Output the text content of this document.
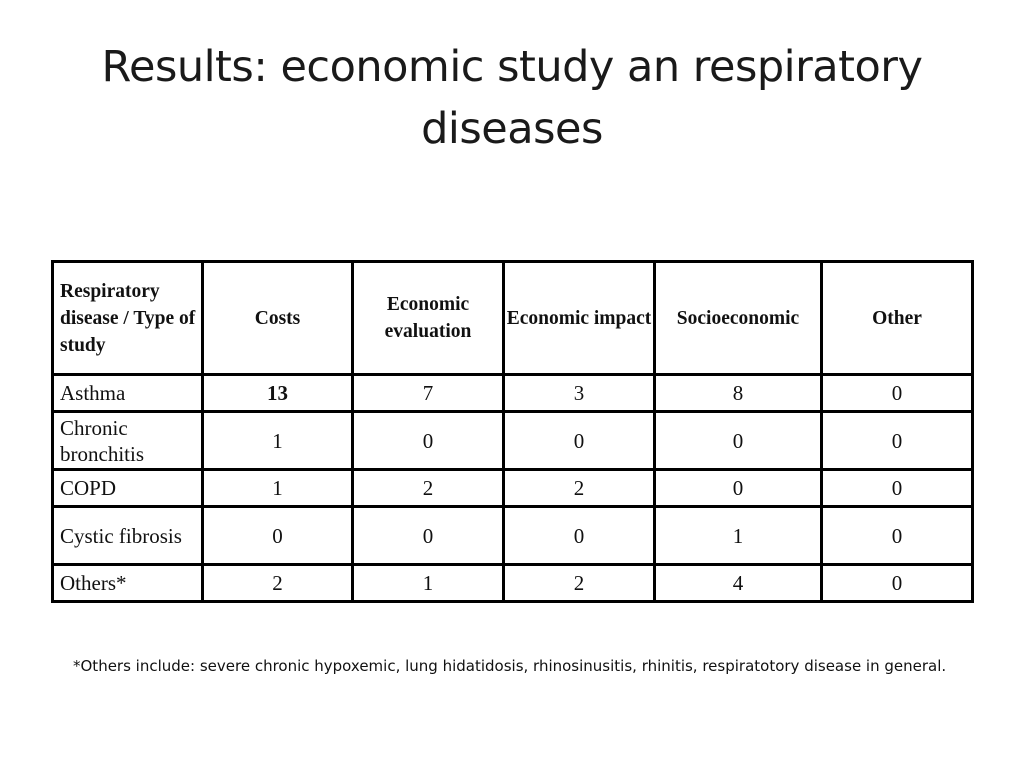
Results: economic study an respiratory
diseases
Respiratory disease / Type of study	Costs	Economic evaluation	Economic impact	Socioeconomic	Other
Asthma	13	7	3	8	0
Chronic bronchitis	1	0	0	0	0
COPD	1	2	2	0	0
Cystic fibrosis	0	0	0	1	0
Others*	2	1	2	4	0
*Others include: severe chronic hypoxemic, lung hidatidosis, rhinosinusitis, rhinitis, respiratotory disease in general.
